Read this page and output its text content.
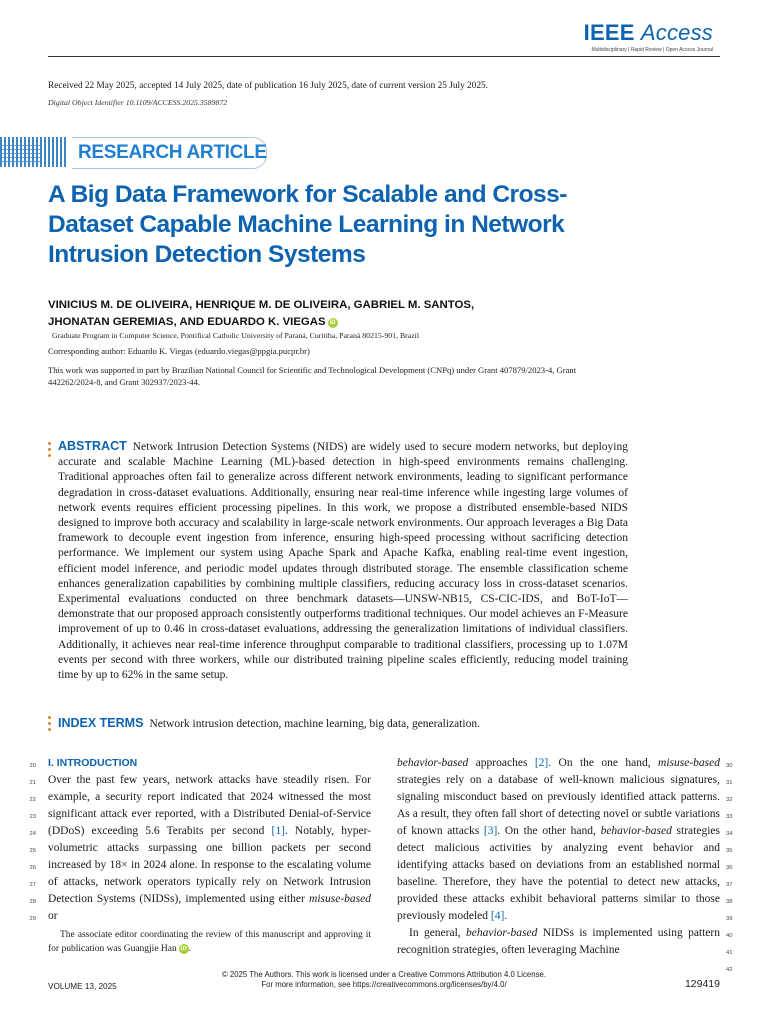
IEEE Access
Multidisciplinary | Rapid Review | Open Access Journal
Received 22 May 2025, accepted 14 July 2025, date of publication 16 July 2025, date of current version 25 July 2025.
Digital Object Identifier 10.1109/ACCESS.2025.3589872
RESEARCH ARTICLE
A Big Data Framework for Scalable and Cross-Dataset Capable Machine Learning in Network Intrusion Detection Systems
VINICIUS M. DE OLIVEIRA, HENRIQUE M. DE OLIVEIRA, GABRIEL M. SANTOS,
JHONATAN GEREMIAS, AND EDUARDO K. VIEGAS iD
Graduate Program in Computer Science, Pontifical Catholic University of Paraná, Curitiba, Paraná 80215-901, Brazil
Corresponding author: Eduardo K. Viegas (eduardo.viegas@ppgia.pucpr.br)
This work was supported in part by Brazilian National Council for Scientific and Technological Development (CNPq) under Grant 407879/2023-4, Grant 442262/2024-8, and Grant 302937/2023-44.
ABSTRACT Network Intrusion Detection Systems (NIDS) are widely used to secure modern networks, but deploying accurate and scalable Machine Learning (ML)-based detection in high-speed environments remains challenging. Traditional approaches often fail to generalize across different network environments, leading to significant performance degradation in cross-dataset evaluations. Additionally, ensuring near real-time inference while ingesting large volumes of network events requires efficient processing pipelines. In this work, we propose a distributed ensemble-based NIDS designed to improve both accuracy and scalability in large-scale network environments. Our approach leverages a Big Data framework to decouple event ingestion from inference, ensuring high-speed processing without sacrificing detection performance. We implement our system using Apache Spark and Apache Kafka, enabling real-time event ingestion, efficient model inference, and periodic model updates through distributed storage. The ensemble classification scheme enhances generalization capabilities by combining multiple classifiers, reducing accuracy loss in cross-dataset scenarios. Experimental evaluations conducted on three benchmark datasets—UNSW-NB15, CS-CIC-IDS, and BoT-IoT—demonstrate that our proposed approach consistently outperforms traditional techniques. Our model achieves an F-Measure improvement of up to 0.46 in cross-dataset evaluations, addressing the generalization limitations of individual classifiers. Additionally, it achieves near real-time inference throughput comparable to traditional classifiers, processing up to 1.07M events per second with three workers, while our distributed training pipeline scales efficiently, reducing model training time by up to 62% in the same setup.
INDEX TERMS Network intrusion detection, machine learning, big data, generalization.
20
21
22
23
24
25
26
27
28
29
30
31
32
33
34
35
36
37
38
39
40
41
42
I. INTRODUCTION

Over the past few years, network attacks have steadily risen. For example, a security report indicated that 2024 witnessed the most significant attack ever reported, with a Distributed Denial-of-Service (DDoS) exceeding 5.6 Terabits per second [1]. Notably, hyper-volumetric attacks surpassing one billion packets per second increased by 18× in 2024 alone. In response to the escalating volume of attacks, network operators typically rely on Network Intrusion Detection Systems (NIDSs), implemented using either misuse-based or

behavior-based approaches [2]. On the one hand, misuse-based strategies rely on a database of well-known malicious signatures, signaling misconduct based on previously identified attack patterns. As a result, they often fall short of detecting novel or subtle variations of known attacks [3]. On the other hand, behavior-based strategies detect malicious activities by analyzing event behavior and identifying attacks based on deviations from an established normal baseline. Therefore, they have the potential to detect new attacks, provided these attacks exhibit behavioral patterns similar to those previously modeled [4].

In general, behavior-based NIDSs is implemented using pattern recognition strategies, often leveraging Machine

The associate editor coordinating the review of this manuscript and approving it for publication was Guangjie Han iD .
© 2025 The Authors. This work is licensed under a Creative Commons Attribution 4.0 License.
For more information, see https://creativecommons.org/licenses/by/4.0/
VOLUME 13, 2025	129419
